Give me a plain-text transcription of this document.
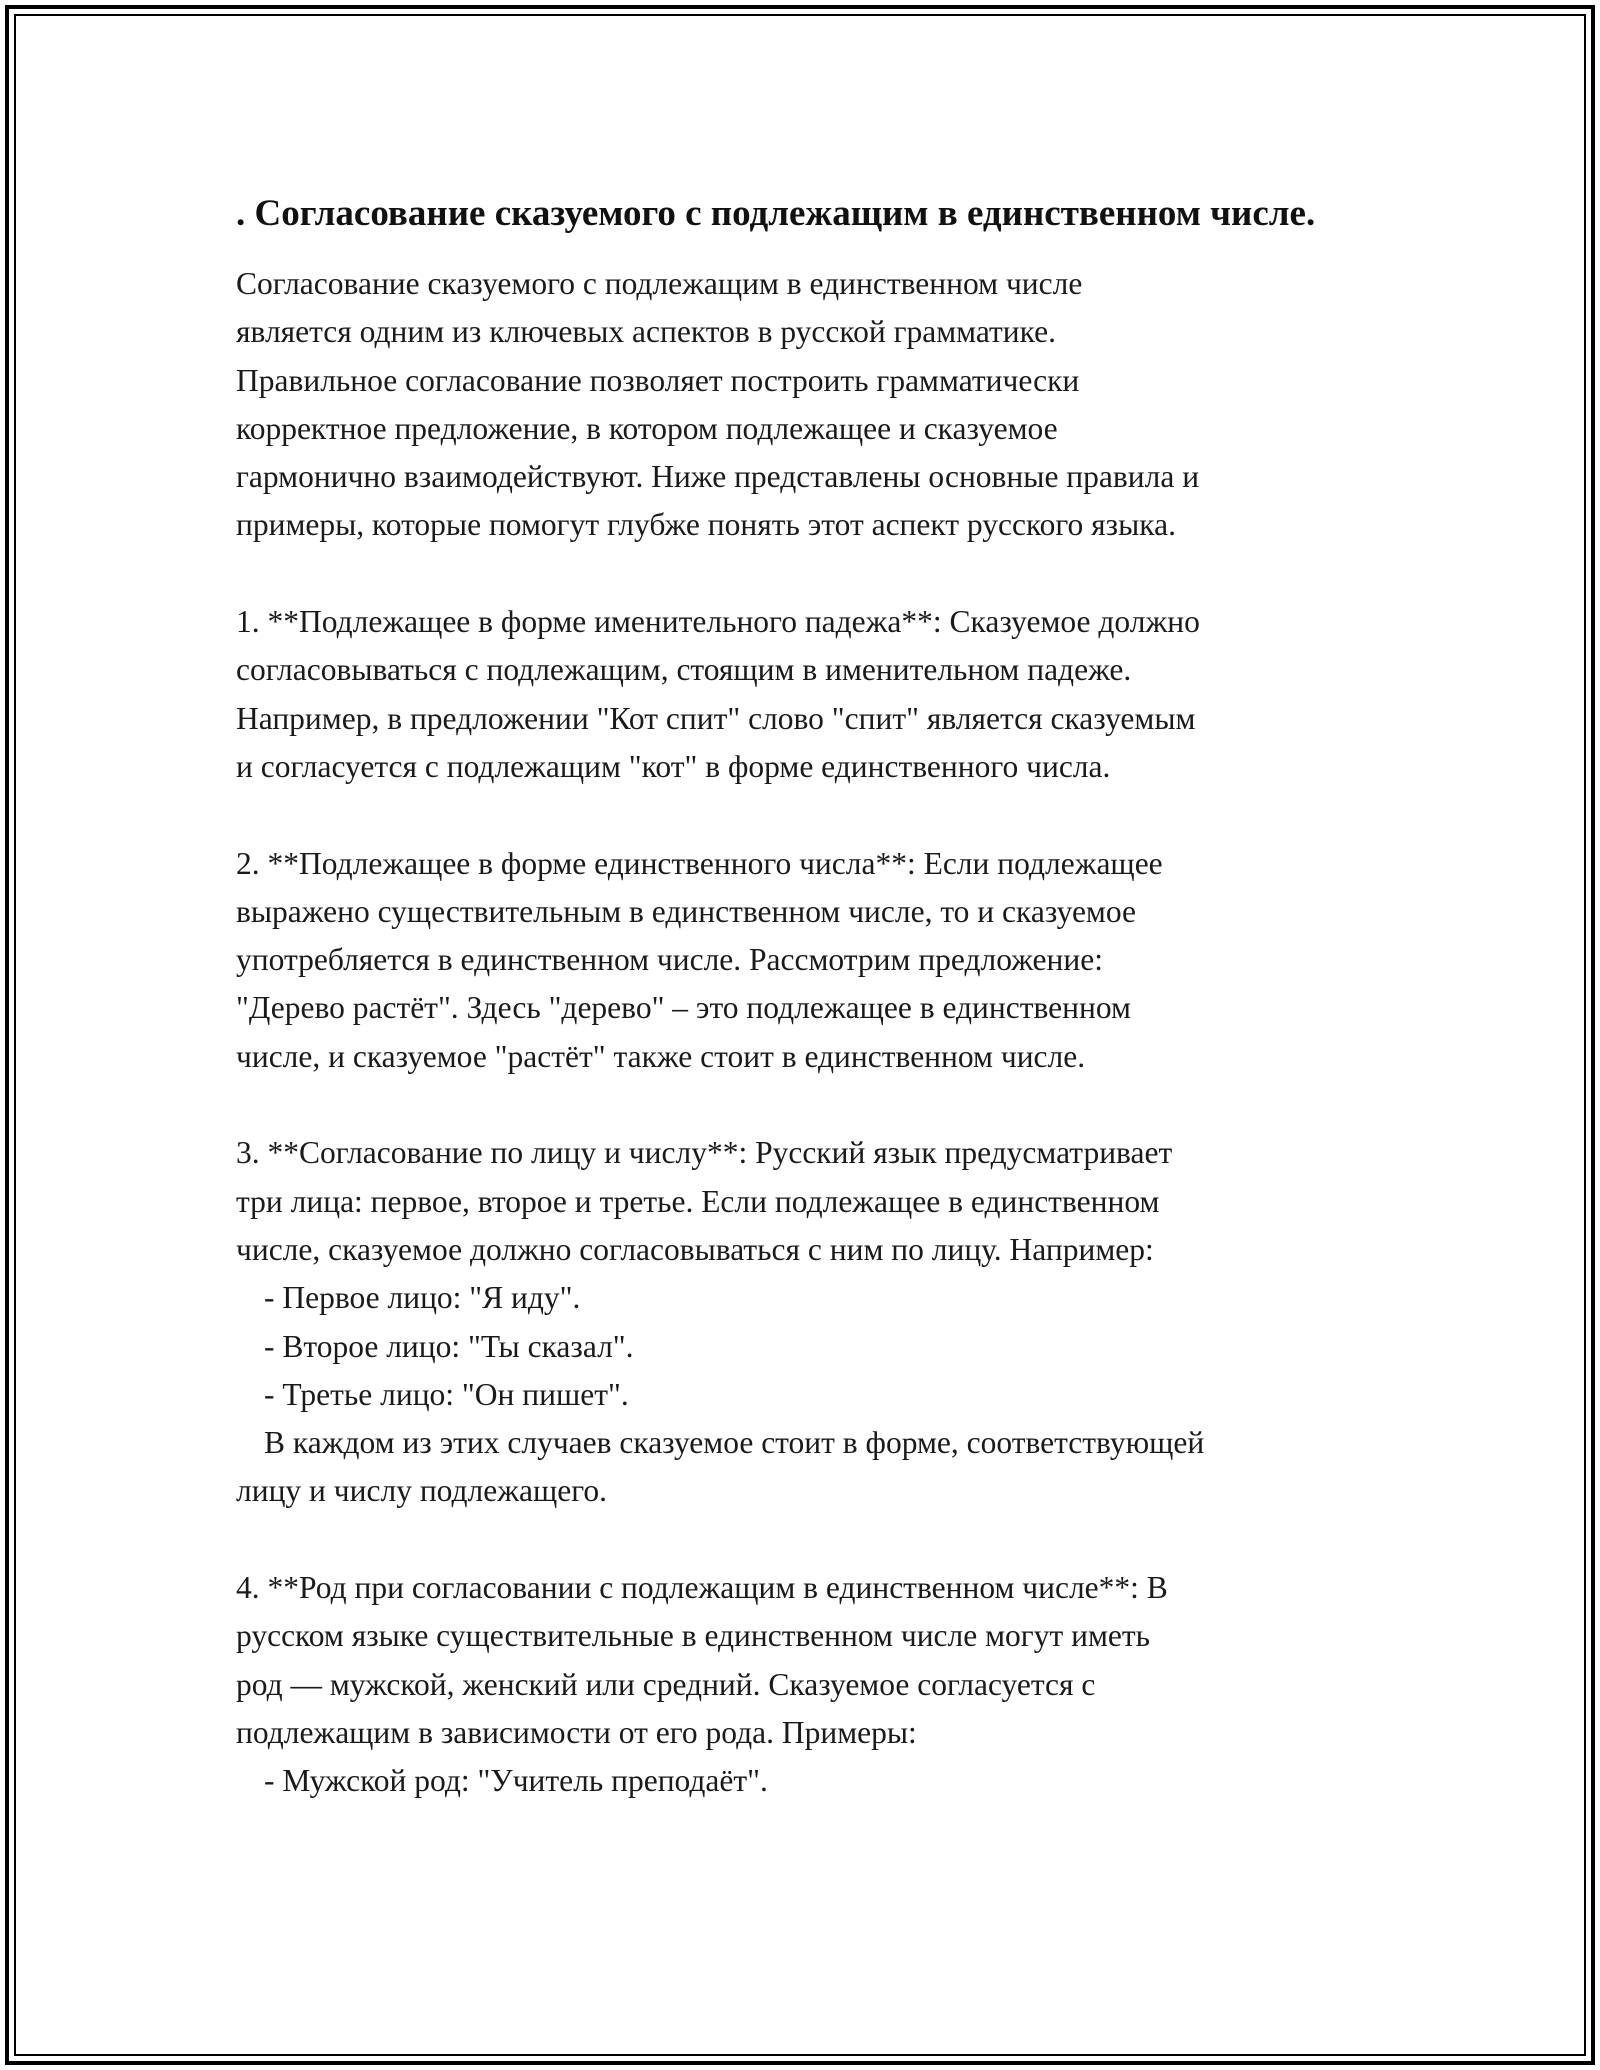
. Согласование сказуемого с подлежащим в единственном числе.

Согласование сказуемого с подлежащим в единственном числе

является одним из ключевых аспектов в русской грамматике.

Правильное согласование позволяет построить грамматически

корректное предложение, в котором подлежащее и сказуемое

гармонично взаимодействуют. Ниже представлены основные правила и

примеры, которые помогут глубже понять этот аспект русского языка.

1. **Подлежащее в форме именительного падежа**: Сказуемое должно

согласовываться с подлежащим, стоящим в именительном падеже.

Например, в предложении "Кот спит" слово "спит" является сказуемым

и согласуется с подлежащим "кот" в форме единственного числа.

2. **Подлежащее в форме единственного числа**: Если подлежащее

выражено существительным в единственном числе, то и сказуемое

употребляется в единственном числе. Рассмотрим предложение:

"Дерево растёт". Здесь "дерево" – это подлежащее в единственном

числе, и сказуемое "растёт" также стоит в единственном числе.

3. **Согласование по лицу и числу**: Русский язык предусматривает

три лица: первое, второе и третье. Если подлежащее в единственном

числе, сказуемое должно согласовываться с ним по лицу. Например:

- Первое лицо: "Я иду".

- Второе лицо: "Ты сказал".

- Третье лицо: "Он пишет".

В каждом из этих случаев сказуемое стоит в форме, соответствующей

лицу и числу подлежащего.

4. **Род при согласовании с подлежащим в единственном числе**: В

русском языке существительные в единственном числе могут иметь

род — мужской, женский или средний. Сказуемое согласуется с

подлежащим в зависимости от его рода. Примеры:

- Мужской род: "Учитель преподаёт".
